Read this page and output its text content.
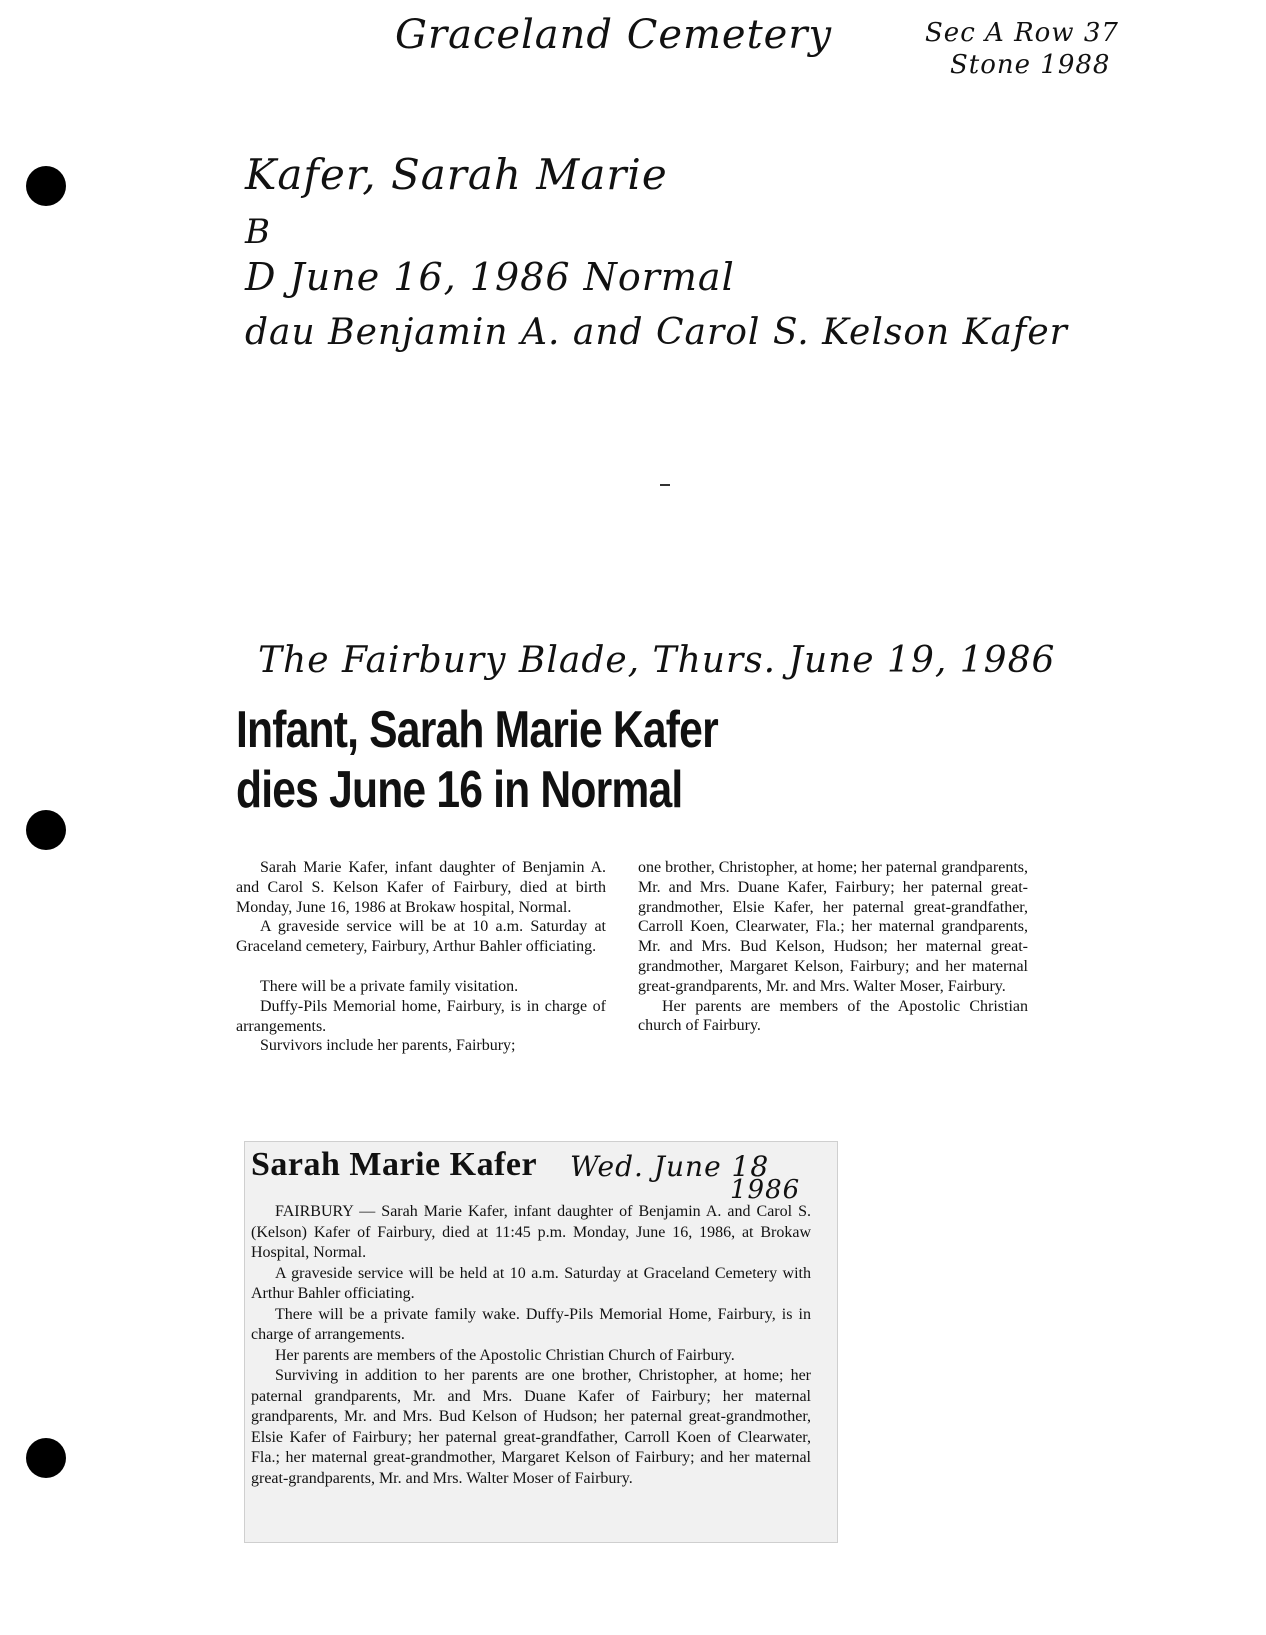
Graceland Cemetery	Sec A Row 37
Stone 1988
Kafer, Sarah Marie
B
D June 16, 1986 Normal
dau Benjamin A. and Carol S. Kelson Kafer
The Fairbury Blade, Thurs. June 19, 1986
Infant, Sarah Marie Kafer
dies June 16 in Normal

Sarah Marie Kafer, infant daughter of Benjamin A. and Carol S. Kelson Kafer of Fairbury, died at birth Monday, June 16, 1986 at Brokaw hospital, Normal.

A graveside service will be at 10 a.m. Saturday at Graceland cemetery, Fairbury, Arthur Bahler officiating.

There will be a private family visitation.

Duffy-Pils Memorial home, Fairbury, is in charge of arrangements.

Survivors include her parents, Fairbury;

one brother, Christopher, at home; her paternal grandparents, Mr. and Mrs. Duane Kafer, Fairbury; her paternal great-grandmother, Elsie Kafer, her paternal great-grandfather, Carroll Koen, Clearwater, Fla.; her maternal grandparents, Mr. and Mrs. Bud Kelson, Hudson; her maternal great-grandmother, Margaret Kelson, Fairbury; and her maternal great-grandparents, Mr. and Mrs. Walter Moser, Fairbury.

Her parents are members of the Apostolic Christian church of Fairbury.

Sarah Marie Kafer

FAIRBURY — Sarah Marie Kafer, infant daughter of Benjamin A. and Carol S. (Kelson) Kafer of Fairbury, died at 11:45 p.m. Monday, June 16, 1986, at Brokaw Hospital, Normal.

A graveside service will be held at 10 a.m. Saturday at Graceland Cemetery with Arthur Bahler officiating.

There will be a private family wake. Duffy-Pils Memorial Home, Fairbury, is in charge of arrangements.

Her parents are members of the Apostolic Christian Church of Fairbury.

Surviving in addition to her parents are one brother, Christopher, at home; her paternal grandparents, Mr. and Mrs. Duane Kafer of Fairbury; her maternal grandparents, Mr. and Mrs. Bud Kelson of Hudson; her paternal great-grandmother, Elsie Kafer of Fairbury; her paternal great-grandfather, Carroll Koen of Clearwater, Fla.; her maternal great-grandmother, Margaret Kelson of Fairbury; and her maternal great-grandparents, Mr. and Mrs. Walter Moser of Fairbury.

Wed. June 18
1986
